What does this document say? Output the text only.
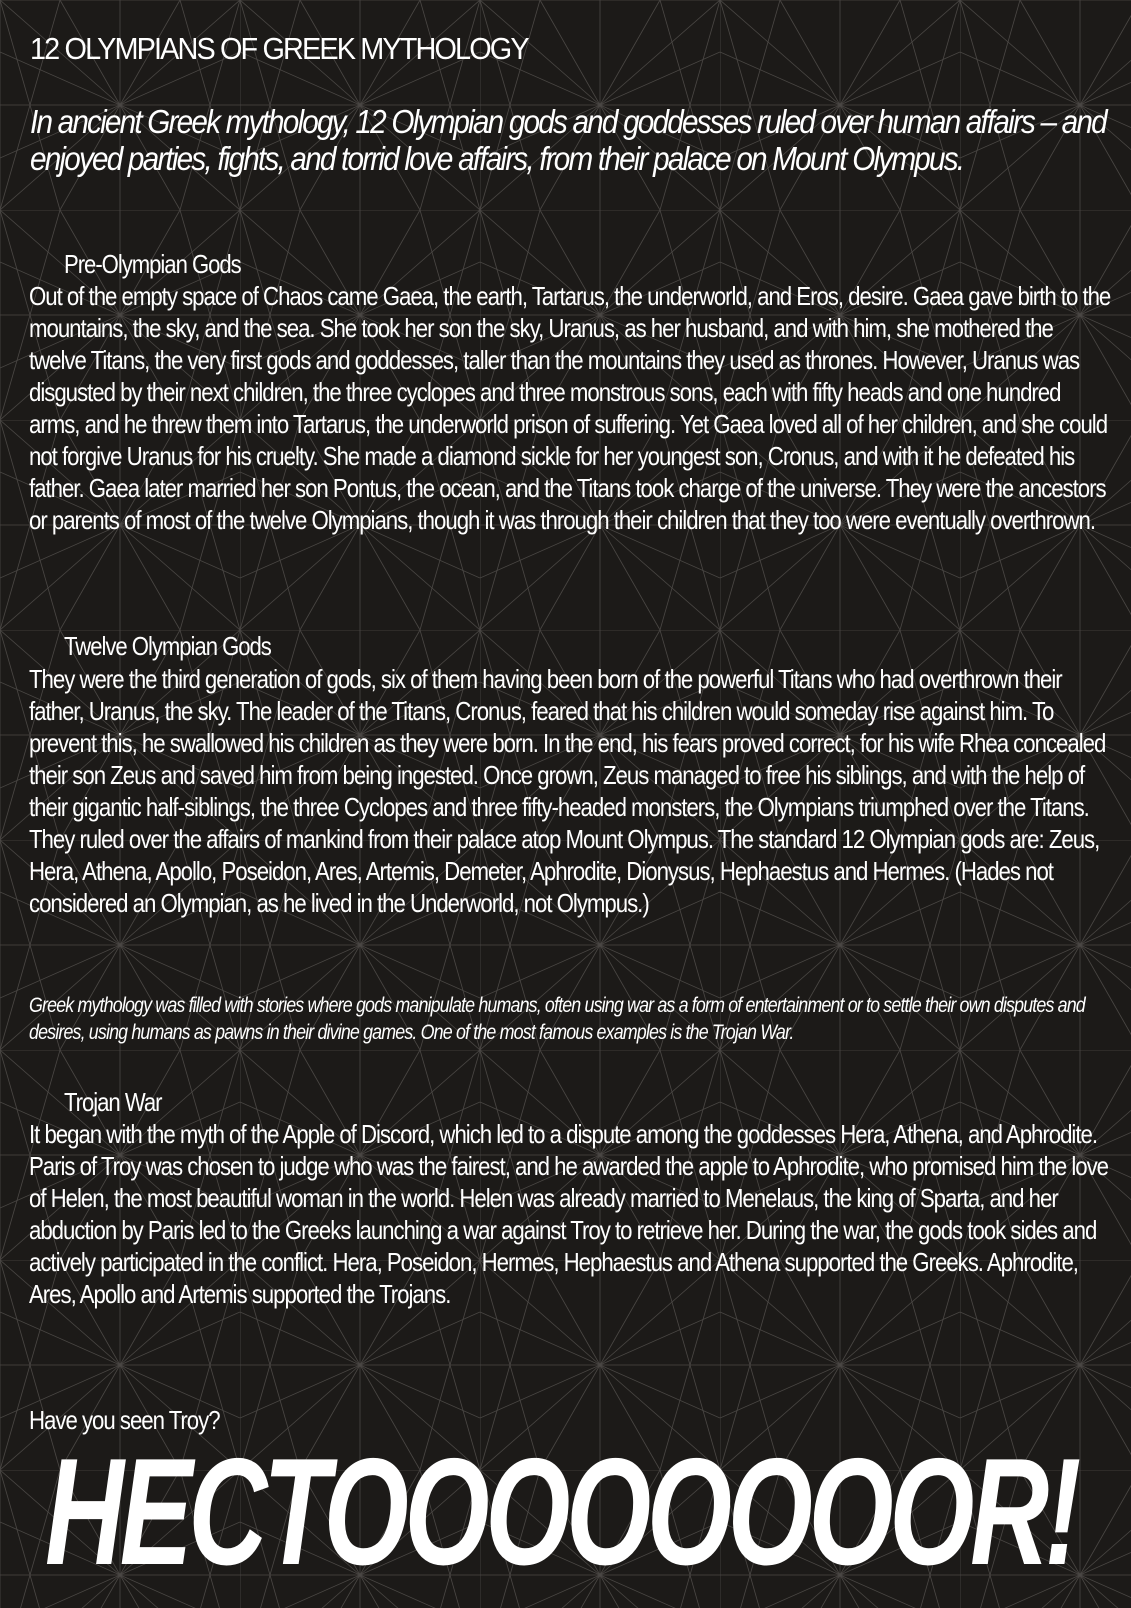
12 OLYMPIANS OF GREEK MYTHOLOGY

In ancient Greek mythology, 12 Olympian gods and goddesses ruled over human affairs – and enjoyed parties, fights, and torrid love affairs, from their palace on Mount Olympus.

Pre-Olympian Gods

Out of the empty space of Chaos came Gaea, the earth, Tartarus, the underworld, and Eros, desire. Gaea gave birth to the mountains, the sky, and the sea. She took her son the sky, Uranus, as her husband, and with him, she mothered the twelve Titans, the very first gods and goddesses, taller than the mountains they used as thrones. However, Uranus was disgusted by their next children, the three cyclopes and three monstrous sons, each with fifty heads and one hundred arms, and he threw them into Tartarus, the underworld prison of suffering. Yet Gaea loved all of her children, and she could not forgive Uranus for his cruelty. She made a diamond sickle for her youngest son, Cronus, and with it he defeated his father. Gaea later married her son Pontus, the ocean, and the Titans took charge of the universe. They were the ancestors or parents of most of the twelve Olympians, though it was through their children that they too were eventually overthrown.

Twelve Olympian Gods

They were the third generation of gods, six of them having been born of the powerful Titans who had overthrown their father, Uranus, the sky. The leader of the Titans, Cronus, feared that his children would someday rise against him. To prevent this, he swallowed his children as they were born. In the end, his fears proved correct, for his wife Rhea concealed their son Zeus and saved him from being ingested. Once grown, Zeus managed to free his siblings, and with the help of their gigantic half-siblings, the three Cyclopes and three fifty-headed monsters, the Olympians triumphed over the Titans. They ruled over the affairs of mankind from their palace atop Mount Olympus. The standard 12 Olympian gods are: Zeus, Hera, Athena, Apollo, Poseidon, Ares, Artemis, Demeter, Aphrodite, Dionysus, Hephaestus and Hermes. (Hades not considered an Olympian, as he lived in the Underworld, not Olympus.)

Greek mythology was filled with stories where gods manipulate humans, often using war as a form of entertainment or to settle their own disputes and desires, using humans as pawns in their divine games. One of the most famous examples is the Trojan War.

Trojan War

It began with the myth of the Apple of Discord, which led to a dispute among the goddesses Hera, Athena, and Aphrodite. Paris of Troy was chosen to judge who was the fairest, and he awarded the apple to Aphrodite, who promised him the love of Helen, the most beautiful woman in the world. Helen was already married to Menelaus, the king of Sparta, and her abduction by Paris led to the Greeks launching a war against Troy to retrieve her. During the war, the gods took sides and actively participated in the conflict. Hera, Poseidon, Hermes, Hephaestus and Athena supported the Greeks. Aphrodite, Ares, Apollo and Artemis supported the Trojans.

Have you seen Troy?

HECTOOOOOOOOR!
